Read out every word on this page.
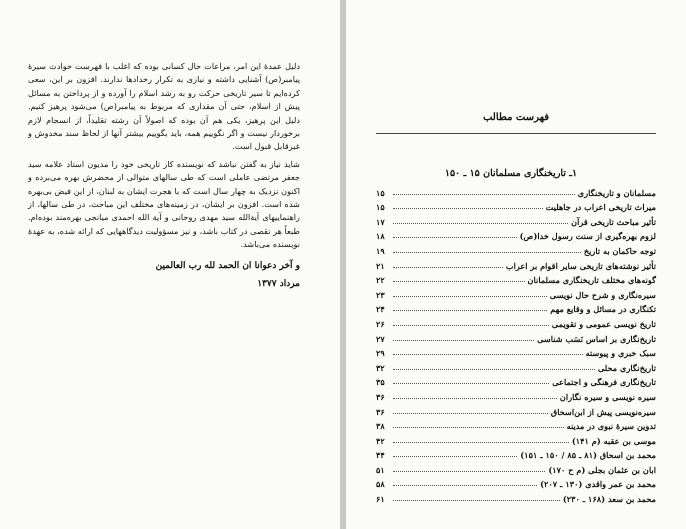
دلیل عمدهٔ این امر، مراعات حال کسانی بوده که اغلب با فهرست حوادث سیرهٔ پیامبر(ص) آشنایی داشته و نیازی به تکرار رخدادها ندارند. افزون بر این، سعی کرده‌ایم تا سیر تاریخی حرکت رو به رشد اسلام را آورده و از پرداختن به مسائل پیش از اسلام، حتی آن مقداری که مربوط به پیامبر(ص) می‌شود پرهیز کنیم. دلیل این پرهیز، یکی هم آن بوده که اصولاً آن رشته تقلیداً، از انسجام لازم برخوردار نیست و اگر نگوییم همه، باید بگوییم بیشتر آنها از لحاظ سند مخدوش و غیرقابل قبول است.

شاید نیاز به گفتن نباشد که نویسنده کار تاریخی خود را مدیون استاد علامه سید جعفر مرتضی عاملی است که طی سالهای متوالی از محضرش بهره می‌برده و اکنون نزدیک به چهار سال است که با هجرت ایشان به لبنان، از این فیض بی‌بهره شده است. افزون بر ایشان، در زمینه‌های مختلف این مباحث، در طی سالها، از راهنماییهای آیة‌الله سید مهدی روحانی و آیة الله احمدی میانجی بهره‌مند بوده‌ام. طبعاً هر نقصی در کتاب باشد، و نیز مسؤولیت دیدگاههایی که ارائه شده، به عهدهٔ نویسنده می‌باشد.

و آخر دعوانا ان الحمد لله رب العالمین
مرداد ۱۳۷۷
فهرست مطالب
۱ـ تاریخنگاری مسلمانان ۱۵ ـ ۱۵۰
مسلمانان و تاریخنگاری
۱۵
میراث تاریخی اعراب در جاهلیت
۱۵
تأثیر مباحث تاریخی قرآن
۱۷
لزوم بهره‌گیری از سنت رسول خدا(ص)
۱۸
توجه حاکمان به تاریخ
۱۹
تأثیر نوشته‌های تاریخی سایر اقوام بر اعراب
۲۱
گونه‌های مختلف تاریخنگاری مسلمانان
۲۲
سیره‌نگاری و شرح حال نویسی
۲۳
تکنگاری در مسائل و وقایع مهم
۲۴
تاریخ نویسی عمومی و تقویمی
۲۶
تاریخ‌نگاری بر اساس نَسَب شناسی
۲۷
سبک خبری و پیوسته
۲۹
تاریخ‌نگاری محلی
۳۲
تاریخ‌نگاری فرهنگی و اجتماعی
۳۵
سیره نویسی و سیره نگاران
۳۶
سیره‌نویسی پیش از ابن‌اسحاق
۳۶
تدوین سیرهٔ نبوی در مدینه
۳۸
موسی بن عقبه (م ۱۴۱)
۴۲
محمد بن اسحاق (۸۱ ـ ۸۵ / ۱۵۰ ـ ۱۵۱)
۴۴
ابان بن عثمان بجلی (م ح ۱۷۰)
۵۱
محمد بن عمر واقدی (۱۳۰ ـ ۲۰۷)
۵۸
محمد بن سعد (۱۶۸ ـ ۲۳۰)
۶۱
